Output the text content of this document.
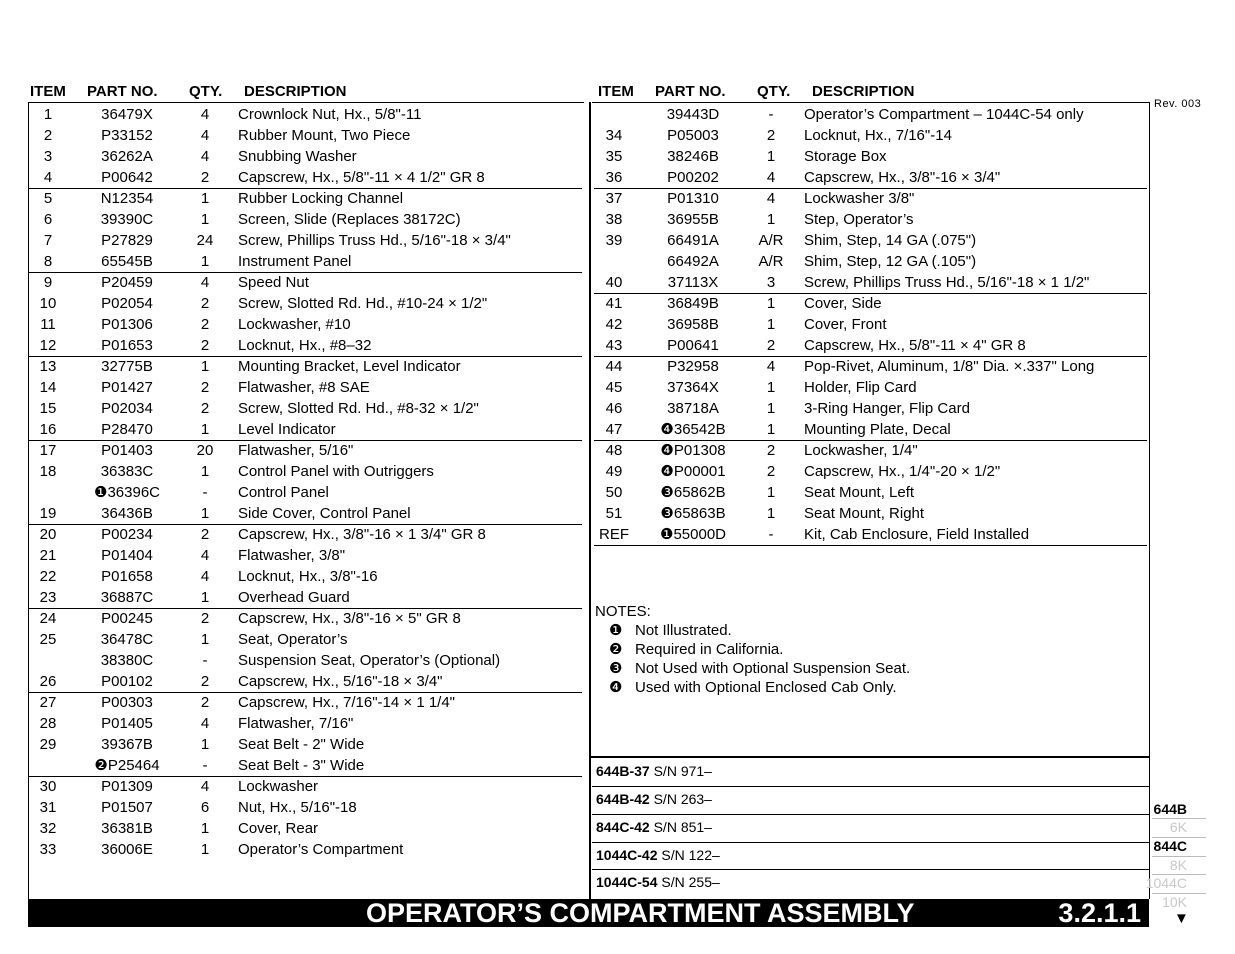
ITEM PART NO. QTY. DESCRIPTION	ITEM PART NO. QTY. DESCRIPTION
Rev. 003
1	36479X	4	Crownlock Nut, Hx., 5/8"-11
2	P33152	4	Rubber Mount, Two Piece
3	36262A	4	Snubbing Washer
4	P00642	2	Capscrew, Hx., 5/8"-11 × 4 1/2" GR 8
5	N12354	1	Rubber Locking Channel
6	39390C	1	Screen, Slide (Replaces 38172C)
7	P27829	24	Screw, Phillips Truss Hd., 5/16"-18 × 3/4"
8	65545B	1	Instrument Panel
9	P20459	4	Speed Nut
10	P02054	2	Screw, Slotted Rd. Hd., #10-24 × 1/2"
11	P01306	2	Lockwasher, #10
12	P01653	2	Locknut, Hx., #8–32
13	32775B	1	Mounting Bracket, Level Indicator
14	P01427	2	Flatwasher, #8 SAE
15	P02034	2	Screw, Slotted Rd. Hd., #8-32 × 1/2"
16	P28470	1	Level Indicator
17	P01403	20	Flatwasher, 5/16"
18	36383C	1	Control Panel with Outriggers
❶36396C	-	Control Panel
19	36436B	1	Side Cover, Control Panel
20	P00234	2	Capscrew, Hx., 3/8"-16 × 1 3/4" GR 8
21	P01404	4	Flatwasher, 3/8"
22	P01658	4	Locknut, Hx., 3/8"-16
23	36887C	1	Overhead Guard
24	P00245	2	Capscrew, Hx., 3/8"-16 × 5" GR 8
25	36478C	1	Seat, Operator’s
38380C	-	Suspension Seat, Operator’s (Optional)
26	P00102	2	Capscrew, Hx., 5/16"-18 × 3/4"
27	P00303	2	Capscrew, Hx., 7/16"-14 × 1 1/4"
28	P01405	4	Flatwasher, 7/16"
29	39367B	1	Seat Belt - 2" Wide
❷P25464	-	Seat Belt - 3" Wide
30	P01309	4	Lockwasher
31	P01507	6	Nut, Hx., 5/16"-18
32	36381B	1	Cover, Rear
33	36006E	1	Operator’s Compartment
39443D	-	Operator’s Compartment – 1044C-54 only
34	P05003	2	Locknut, Hx., 7/16"-14
35	38246B	1	Storage Box
36	P00202	4	Capscrew, Hx., 3/8"-16 × 3/4"
37	P01310	4	Lockwasher 3/8"
38	36955B	1	Step, Operator’s
39	66491A	A/R	Shim, Step, 14 GA (.075")
66492A	A/R	Shim, Step, 12 GA (.105")
40	37113X	3	Screw, Phillips Truss Hd., 5/16"-18 × 1 1/2"
41	36849B	1	Cover, Side
42	36958B	1	Cover, Front
43	P00641	2	Capscrew, Hx., 5/8"-11 × 4" GR 8
44	P32958	4	Pop-Rivet, Aluminum, 1/8" Dia. ×.337" Long
45	37364X	1	Holder, Flip Card
46	38718A	1	3-Ring Hanger, Flip Card
47	❹36542B	1	Mounting Plate, Decal
48	❹P01308	2	Lockwasher, 1/4"
49	❹P00001	2	Capscrew, Hx., 1/4"-20 × 1/2"
50	❸65862B	1	Seat Mount, Left
51	❸65863B	1	Seat Mount, Right
REF	❶55000D	-	Kit, Cab Enclosure, Field Installed
NOTES:
❶ Not Illustrated.
❷ Required in California.
❸ Not Used with Optional Suspension Seat.
❹ Used with Optional Enclosed Cab Only.
644B-37 S/N 971–
644B-42 S/N 263–
844C-42 S/N 851–
1044C-42 S/N 122–
1044C-54 S/N 255–
OPERATOR’S COMPARTMENT ASSEMBLY	3.2.1.1
644B
6K
844C
8K
1044C
10K
▼
